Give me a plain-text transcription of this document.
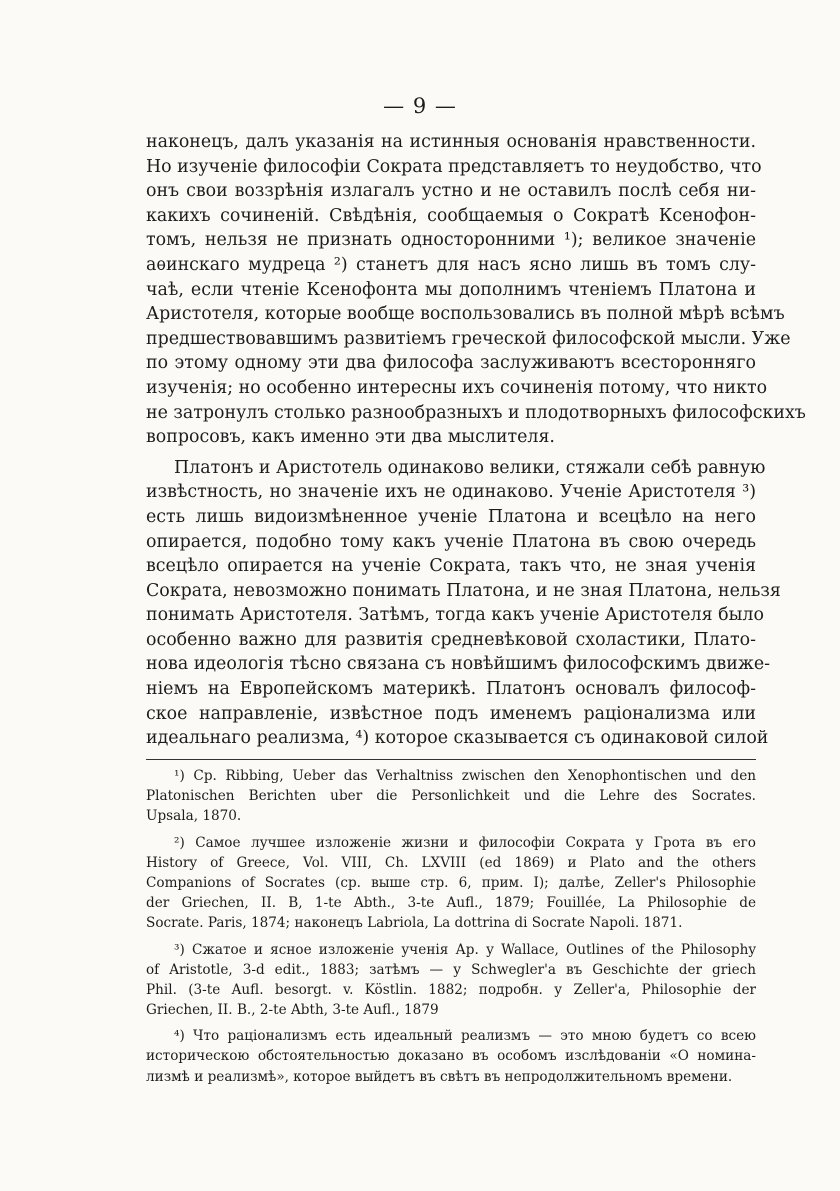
— 9 —
наконецъ, далъ указанія на истинныя основанія нравственности.
Но изученіе философіи Сократа представляетъ то неудобство, что
онъ свои воззрѣнія излагалъ устно и не оставилъ послѣ себя ни-
какихъ сочиненій. Свѣдѣнія, сообщаемыя о Сократѣ Ксенофон-
томъ, нельзя не признать односторонними ¹); великое значеніе
аѳинскаго мудреца ²) станетъ для насъ ясно лишь въ томъ слу-
чаѣ, если чтеніе Ксенофонта мы дополнимъ чтеніемъ Платона и
Аристотеля, которые вообще воспользовались въ полной мѣрѣ всѣмъ
предшествовавшимъ развитіемъ греческой философской мысли. Уже
по этому одному эти два философа заслуживаютъ всесторонняго
изученія; но особенно интересны ихъ сочиненія потому, что никто
не затронулъ столько разнообразныхъ и плодотворныхъ философскихъ
вопросовъ, какъ именно эти два мыслителя.
Платонъ и Аристотель одинаково велики, стяжали себѣ равную
извѣстность, но значеніе ихъ не одинаково. Ученіе Аристотеля ³)
есть лишь видоизмѣненное ученіе Платона и всецѣло на него
опирается, подобно тому какъ ученіе Платона въ свою очередь
всецѣло опирается на ученіе Сократа, такъ что, не зная ученія
Сократа, невозможно понимать Платона, и не зная Платона, нельзя
понимать Аристотеля. Затѣмъ, тогда какъ ученіе Аристотеля было
особенно важно для развитія средневѣковой схоластики, Плато-
нова идеологія тѣсно связана съ новѣйшимъ философскимъ движе-
ніемъ на Европейскомъ материкѣ. Платонъ основалъ философ-
ское направленіе, извѣстное подъ именемъ раціонализма или
идеальнаго реализма, ⁴) которое сказывается съ одинаковой силой
¹) Cp. Ribbing, Ueber das Verhaltniss zwischen den Xenophontischen und den
Platonischen Berichten uber die Personlichkeit und die Lehre des Socrates.
Upsala, 1870.
²) Самое лучшее изложеніе жизни и философіи Сократа у Грота въ его
History of Greece, Vol. VIII, Ch. LXVIII (ed 1869) и Plato and the others
Companions of Socrates (ср. выше стр. 6, прим. I); далѣе, Zeller's Philosophie
der Griechen, II. B, 1-te Abth., 3-te Aufl., 1879; Fouillée, La Philosophie de
Socrate. Paris, 1874; наконецъ Labriola, La dottrina di Socrate Napoli. 1871.
³) Сжатое и ясное изложеніе ученія Ар. у Wallace, Outlines of the Philosophy
of Aristotle, 3-d edit., 1883; затѣмъ — у Schwegler'a въ Geschichte der griech
Phil. (3-te Aufl. besorgt. v. Köstlin. 1882; подробн. у Zeller'a, Philosophie der
Griechen, II. B., 2-te Abth, 3-te Aufl., 1879
⁴) Что раціонализмъ есть идеальный реализмъ — это мною будетъ со всею
историческою обстоятельностью доказано въ особомъ изслѣдованіи «О номина-
лизмѣ и реализмѣ», которое выйдетъ въ свѣтъ въ непродолжительномъ времени.
